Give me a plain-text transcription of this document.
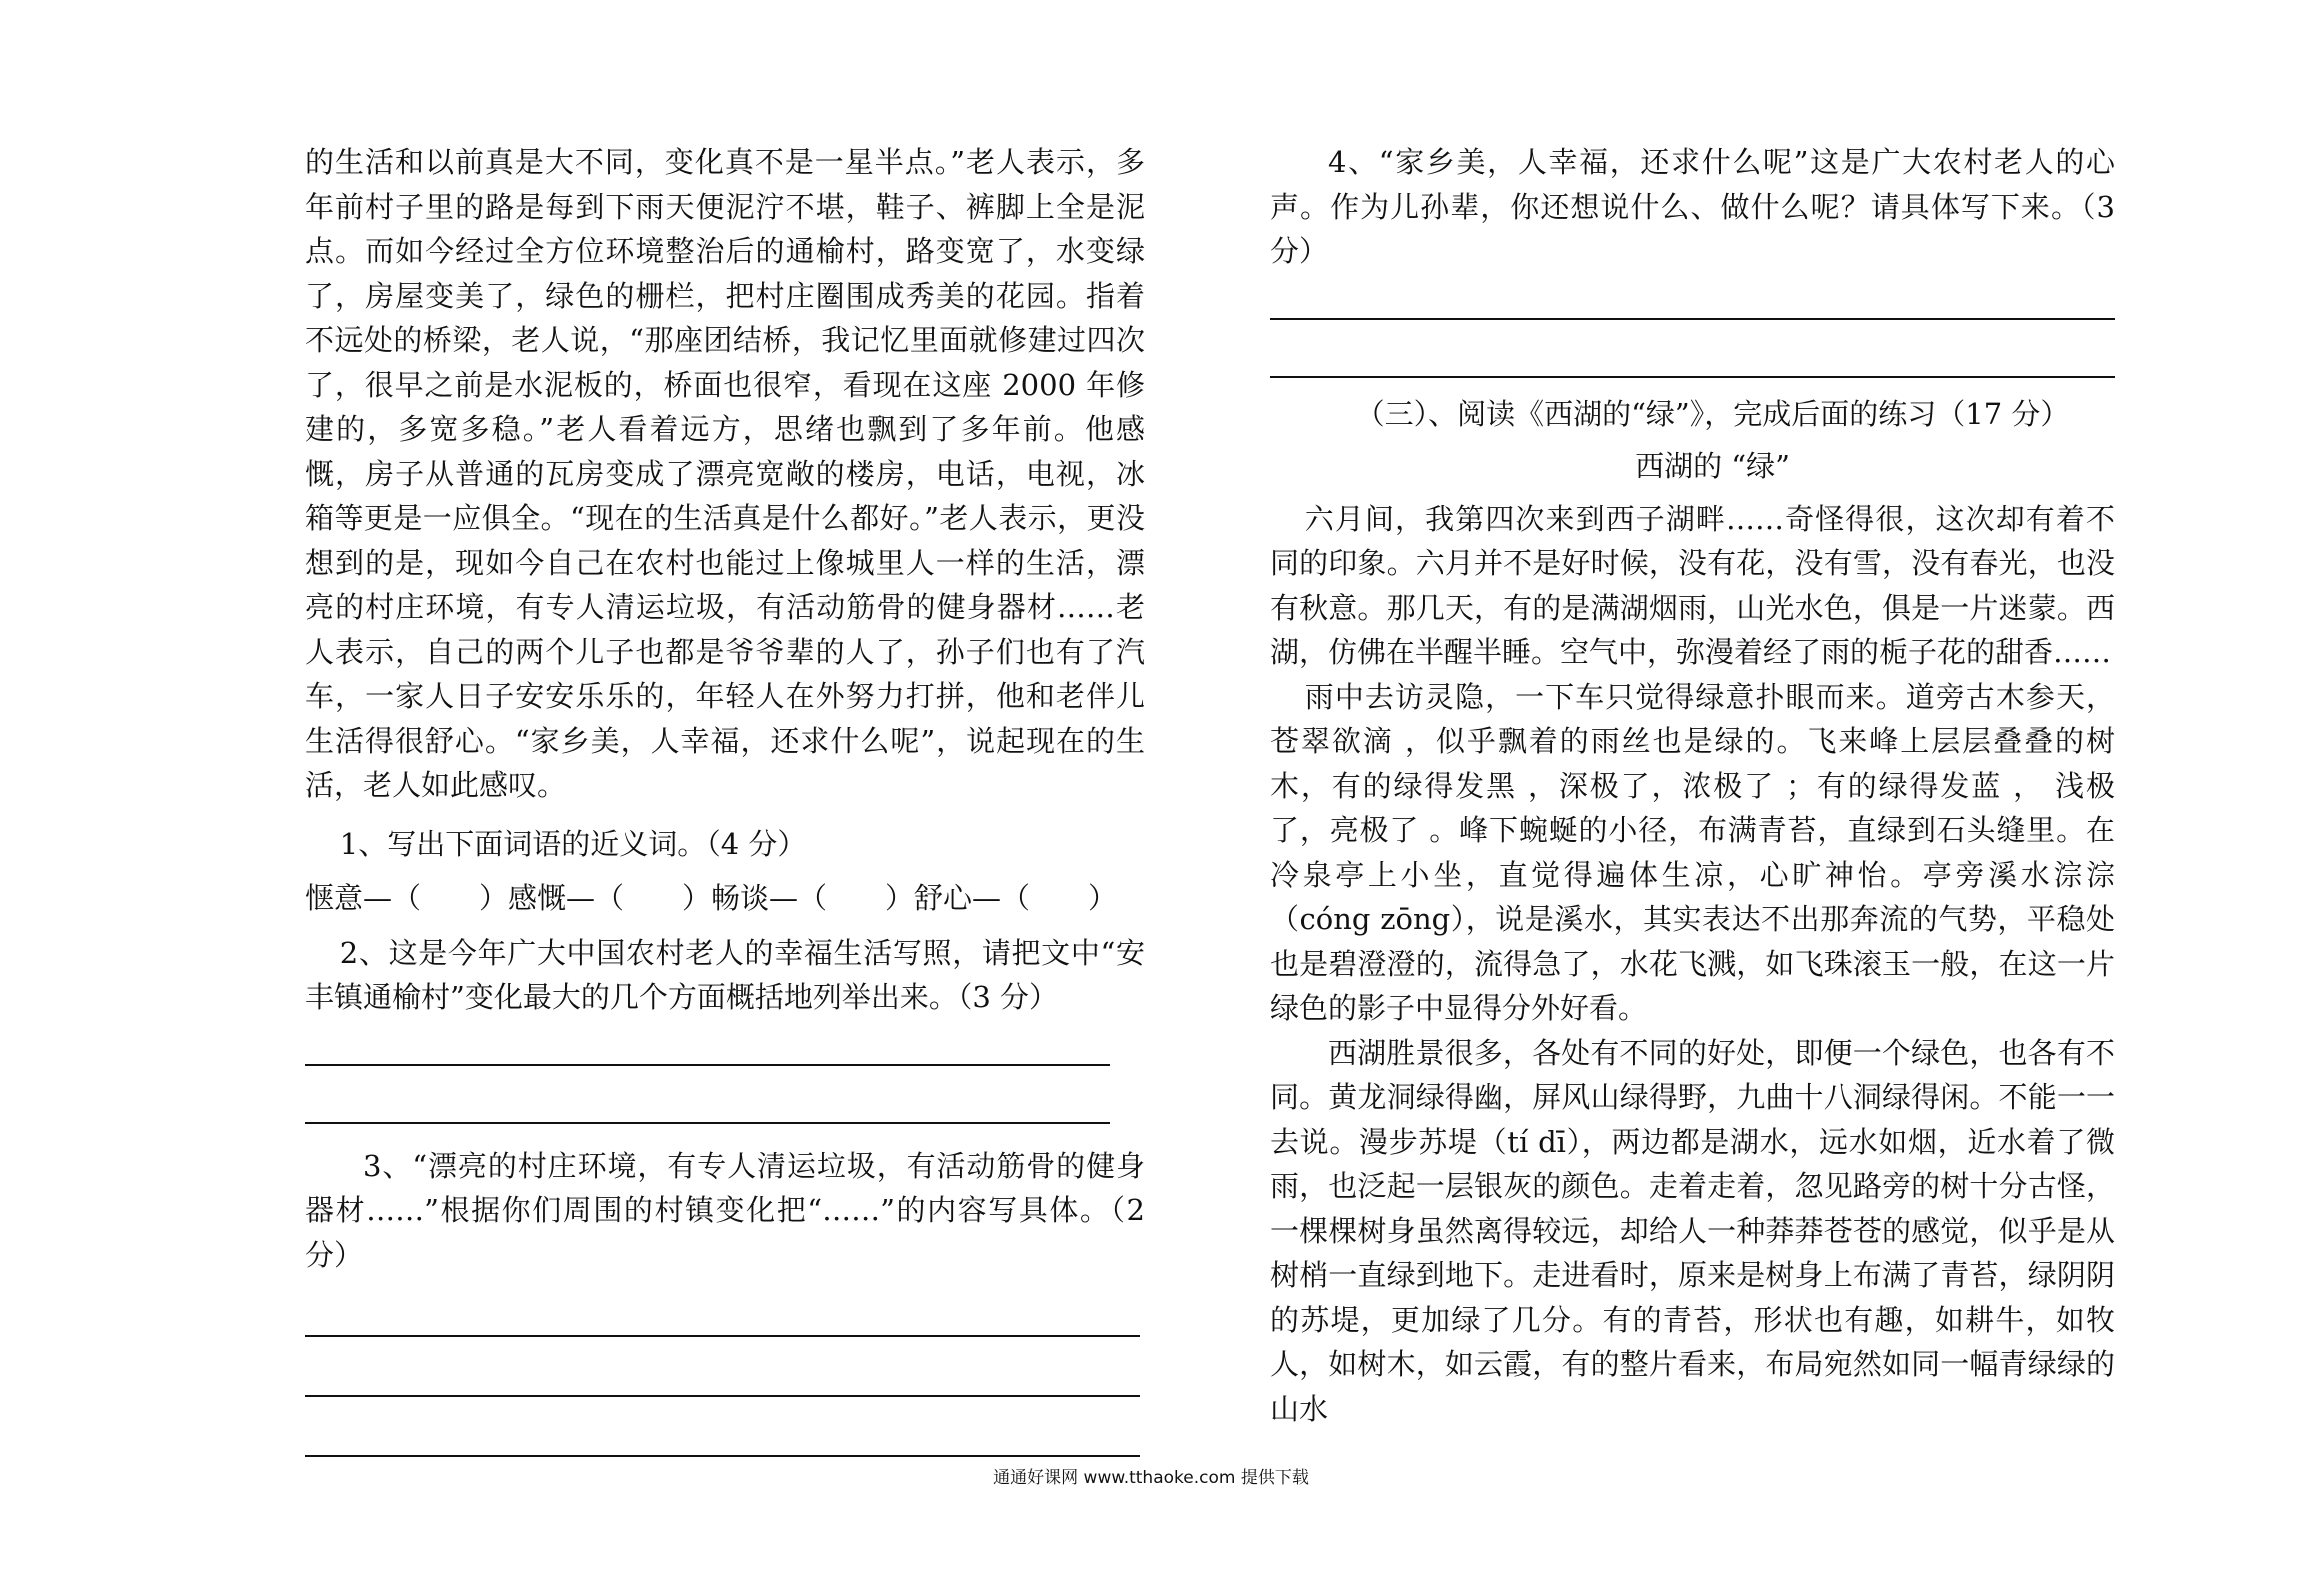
的生活和以前真是大不同，变化真不是一星半点。”老人表示，多年前村子里的路是每到下雨天便泥泞不堪，鞋子、裤脚上全是泥点。而如今经过全方位环境整治后的通榆村，路变宽了，水变绿了，房屋变美了，绿色的栅栏，把村庄圈围成秀美的花园。指着不远处的桥梁，老人说，“那座团结桥，我记忆里面就修建过四次了，很早之前是水泥板的，桥面也很窄，看现在这座 2000 年修建的，多宽多稳。”老人看着远方，思绪也飘到了多年前。他感慨，房子从普通的瓦房变成了漂亮宽敞的楼房，电话，电视，冰箱等更是一应俱全。“现在的生活真是什么都好。”老人表示，更没想到的是，现如今自己在农村也能过上像城里人一样的生活，漂亮的村庄环境，有专人清运垃圾，有活动筋骨的健身器材……老人表示，自己的两个儿子也都是爷爷辈的人了，孙子们也有了汽车，一家人日子安安乐乐的，年轻人在外努力打拼，他和老伴儿生活得很舒心。“家乡美，人幸福，还求什么呢”，说起现在的生活，老人如此感叹。

1、写出下面词语的近义词。（4 分）

惬意—（　　）感慨—（　　）畅谈—（　　）舒心—（　　）

2、这是今年广大中国农村老人的幸福生活写照，请把文中“安丰镇通榆村”变化最大的几个方面概括地列举出来。（3 分）

3、“漂亮的村庄环境，有专人清运垃圾，有活动筋骨的健身器材……”根据你们周围的村镇变化把“……”的内容写具体。（2 分）

4、“家乡美，人幸福，还求什么呢”这是广大农村老人的心声。作为儿孙辈，你还想说什么、做什么呢？请具体写下来。（3 分）

（三）、阅读《西湖的“绿”》，完成后面的练习（17 分）

西湖的 “绿”

六月间，我第四次来到西子湖畔……奇怪得很，这次却有着不同的印象。六月并不是好时候，没有花，没有雪，没有春光，也没有秋意。那几天，有的是满湖烟雨，山光水色，俱是一片迷蒙。西湖，仿佛在半醒半睡。空气中，弥漫着经了雨的栀子花的甜香……

雨中去访灵隐，一下车只觉得绿意扑眼而来。道旁古木参天，苍翠欲滴 ，似乎飘着的雨丝也是绿的。飞来峰上层层叠叠的树木，有的绿得发黑 ，深极了，浓极了 ；有的绿得发蓝 ， 浅极了，亮极了 。峰下蜿蜒的小径，布满青苔，直绿到石头缝里。在冷泉亭上小坐，直觉得遍体生凉，心旷神怡。亭旁溪水淙淙（cóng zōng），说是溪水，其实表达不出那奔流的气势，平稳处也是碧澄澄的，流得急了，水花飞溅，如飞珠滚玉一般，在这一片绿色的影子中显得分外好看。

西湖胜景很多，各处有不同的好处，即便一个绿色，也各有不同。黄龙洞绿得幽，屏风山绿得野，九曲十八洞绿得闲。不能一一去说。漫步苏堤（tí dī），两边都是湖水，远水如烟，近水着了微雨，也泛起一层银灰的颜色。走着走着，忽见路旁的树十分古怪，一棵棵树身虽然离得较远，却给人一种莽莽苍苍的感觉，似乎是从树梢一直绿到地下。走进看时，原来是树身上布满了青苔，绿阴阴的苏堤，更加绿了几分。有的青苔，形状也有趣，如耕牛，如牧人，如树木，如云霞，有的整片看来，布局宛然如同一幅青绿绿的山水

通通好课网 www.tthaoke.com 提供下载
